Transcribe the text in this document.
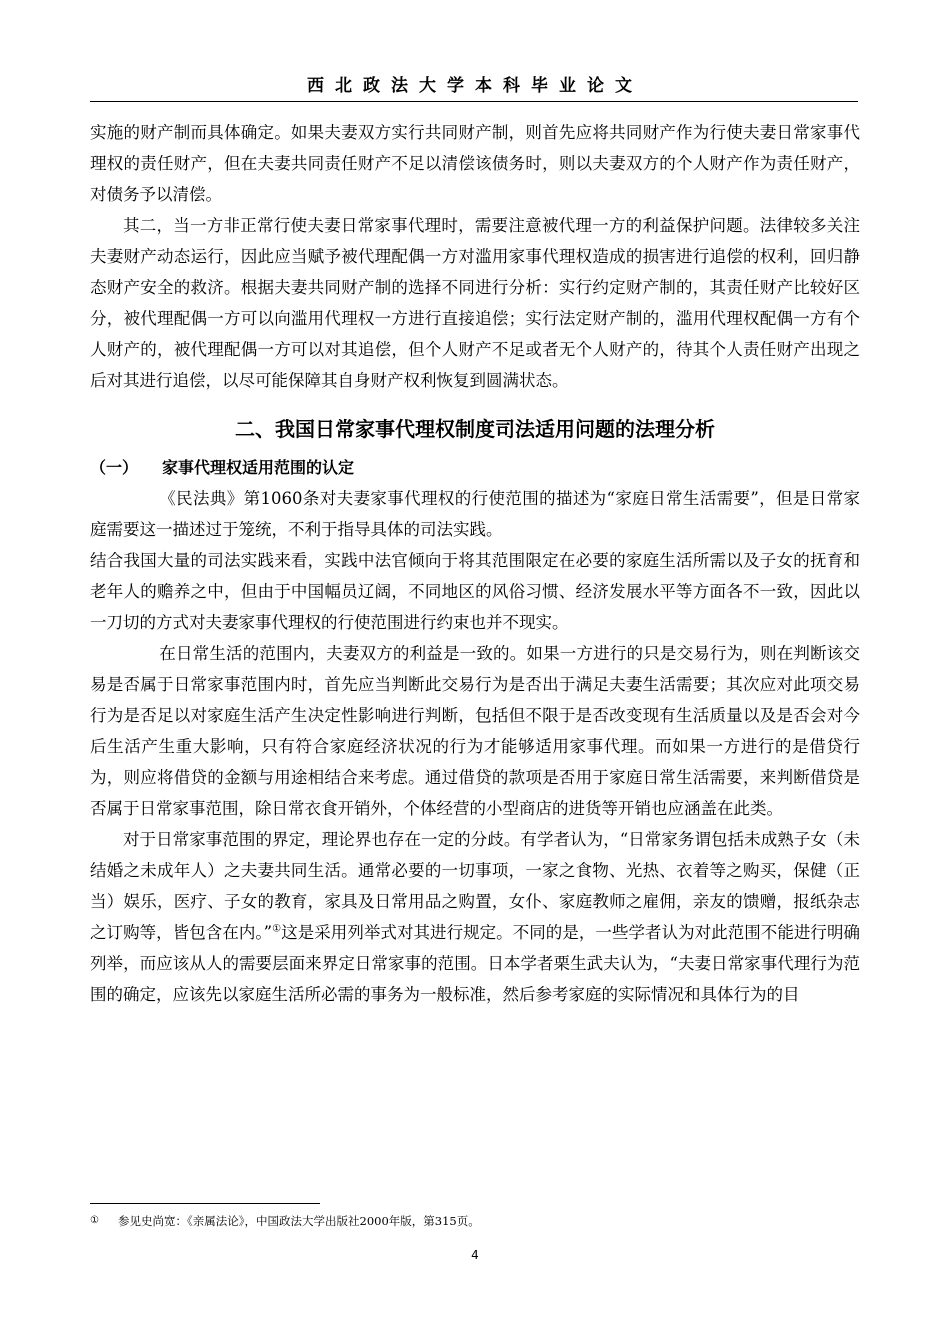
西北政法大学本科毕业论文

实施的财产制而具体确定。如果夫妻双方实行共同财产制，则首先应将共同财产作为行使夫妻日常家事代理权的责任财产，但在夫妻共同责任财产不足以清偿该债务时，则以夫妻双方的个人财产作为责任财产，对债务予以清偿。

其二，当一方非正常行使夫妻日常家事代理时，需要注意被代理一方的利益保护问题。法律较多关注夫妻财产动态运行，因此应当赋予被代理配偶一方对滥用家事代理权造成的损害进行追偿的权利，回归静态财产安全的救济。根据夫妻共同财产制的选择不同进行分析：实行约定财产制的，其责任财产比较好区分，被代理配偶一方可以向滥用代理权一方进行直接追偿；实行法定财产制的，滥用代理权配偶一方有个人财产的，被代理配偶一方可以对其追偿，但个人财产不足或者无个人财产的，待其个人责任财产出现之后对其进行追偿，以尽可能保障其自身财产权利恢复到圆满状态。

二、我国日常家事代理权制度司法适用问题的法理分析
（一） 家事代理权适用范围的认定

《民法典》第1060条对夫妻家事代理权的行使范围的描述为“家庭日常生活需要”，但是日常家庭需要这一描述过于笼统，不利于指导具体的司法实践。

结合我国大量的司法实践来看，实践中法官倾向于将其范围限定在必要的家庭生活所需以及子女的抚育和老年人的赡养之中，但由于中国幅员辽阔，不同地区的风俗习惯、经济发展水平等方面各不一致，因此以一刀切的方式对夫妻家事代理权的行使范围进行约束也并不现实。

在日常生活的范围内，夫妻双方的利益是一致的。如果一方进行的只是交易行为，则在判断该交易是否属于日常家事范围内时，首先应当判断此交易行为是否出于满足夫妻生活需要；其次应对此项交易行为是否足以对家庭生活产生决定性影响进行判断，包括但不限于是否改变现有生活质量以及是否会对今后生活产生重大影响，只有符合家庭经济状况的行为才能够适用家事代理。而如果一方进行的是借贷行为，则应将借贷的金额与用途相结合来考虑。通过借贷的款项是否用于家庭日常生活需要，来判断借贷是否属于日常家事范围，除日常衣食开销外，个体经营的小型商店的进货等开销也应涵盖在此类。

对于日常家事范围的界定，理论界也存在一定的分歧。有学者认为，“日常家务谓包括未成熟子女（未结婚之未成年人）之夫妻共同生活。通常必要的一切事项，一家之食物、光热、衣着等之购买，保健（正当）娱乐，医疗、子女的教育，家具及日常用品之购置，女仆、家庭教师之雇佣，亲友的馈赠，报纸杂志之订购等，皆包含在内。”①这是采用列举式对其进行规定。不同的是，一些学者认为对此范围不能进行明确列举，而应该从人的需要层面来界定日常家事的范围。日本学者栗生武夫认为，“夫妻日常家事代理行为范围的确定，应该先以家庭生活所必需的事务为一般标准，然后参考家庭的实际情况和具体行为的目

① 参见史尚宽：《亲属法论》，中国政法大学出版社2000年版，第315页。
4
